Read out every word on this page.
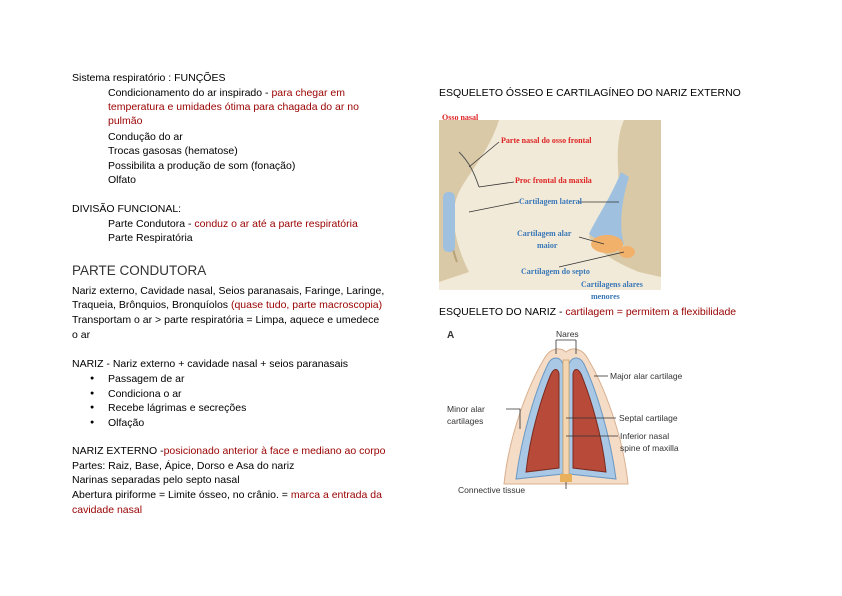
Sistema respiratório : FUNÇÕES
Condicionamento do ar inspirado - para chegar em
temperatura e umidades ótima para chagada do ar no
pulmão
Condução do ar
Trocas gasosas (hematose)
Possibilita a produção de som (fonação)
Olfato
DIVISÃO FUNCIONAL:
Parte Condutora - conduz o ar até a parte respiratória
Parte Respiratória
PARTE CONDUTORA
Nariz externo, Cavidade nasal, Seios paranasais, Faringe, Laringe,
Traqueia, Brônquios, Bronquíolos (quase tudo, parte macroscopia)
Transportam o ar > parte respiratória = Limpa, aquece e umedece
o ar
NARIZ - Nariz externo + cavidade nasal + seios paranasais
● Passagem de ar
● Condiciona o ar
● Recebe lágrimas e secreções
● Olfação
NARIZ EXTERNO -posicionado anterior à face e mediano ao corpo
Partes: Raiz, Base, Ápice, Dorso e Asa do nariz
Narinas separadas pelo septo nasal
Abertura piriforme = Limite ósseo, no crânio. = marca a entrada da
cavidade nasal
ESQUELETO ÓSSEO E CARTILAGÍNEO DO NARIZ EXTERNO
Osso nasal
Parte nasal do osso frontal
Proc frontal da maxila
Cartilagem lateral
Cartilagem alar
maior
Cartilagem do septo
Cartilagens alares
menores
ESQUELETO DO NARIZ - cartilagem = permitem a flexibilidade
A	Nares
Major alar cartilage
Minor alar
cartilages	Septal cartilage
Inferior nasal
spine of maxilla
Connective tissue
